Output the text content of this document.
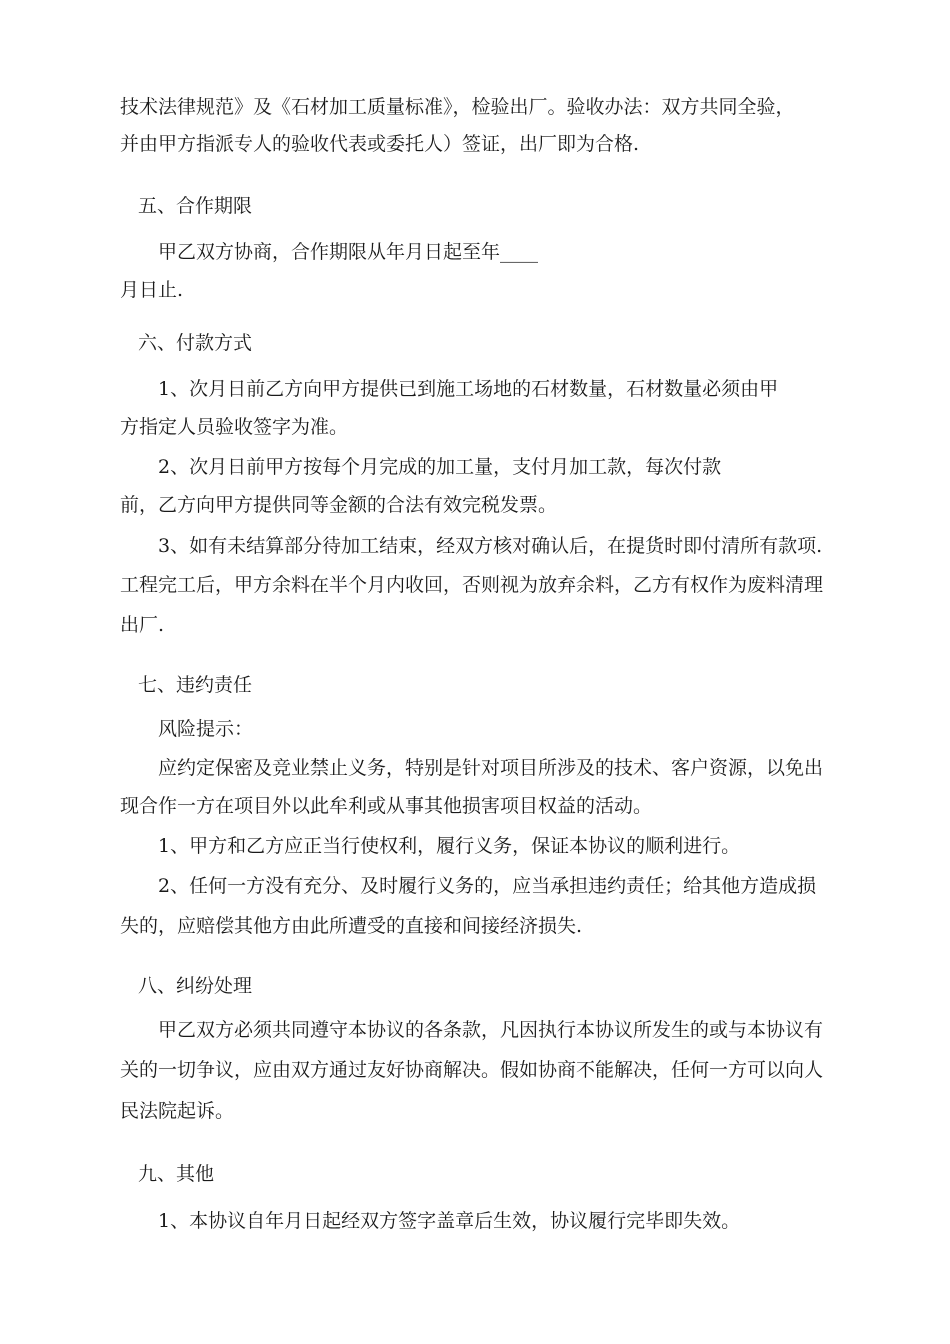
技术法律规范》及《石材加工质量标准》，检验出厂。验收办法：双方共同全验，
并由甲方指派专人的验收代表或委托人）签证，出厂即为合格.
五、合作期限
甲乙双方协商，合作期限从年月日起至年____
月日止.
六、付款方式
1、次月日前乙方向甲方提供已到施工场地的石材数量，石材数量必须由甲
方指定人员验收签字为准。
2、次月日前甲方按每个月完成的加工量，支付月加工款，每次付款
前，乙方向甲方提供同等金额的合法有效完税发票。
3、如有未结算部分待加工结束，经双方核对确认后，在提货时即付清所有款项.
工程完工后，甲方余料在半个月内收回，否则视为放弃余料，乙方有权作为废料清理
出厂.
七、违约责任
风险提示：
应约定保密及竞业禁止义务，特别是针对项目所涉及的技术、客户资源，以免出
现合作一方在项目外以此牟利或从事其他损害项目权益的活动。
1、甲方和乙方应正当行使权利，履行义务，保证本协议的顺利进行。
2、任何一方没有充分、及时履行义务的，应当承担违约责任；给其他方造成损
失的，应赔偿其他方由此所遭受的直接和间接经济损失.
八、纠纷处理
甲乙双方必须共同遵守本协议的各条款，凡因执行本协议所发生的或与本协议有
关的一切争议，应由双方通过友好协商解决。假如协商不能解决，任何一方可以向人
民法院起诉。
九、其他
1、本协议自年月日起经双方签字盖章后生效，协议履行完毕即失效。
